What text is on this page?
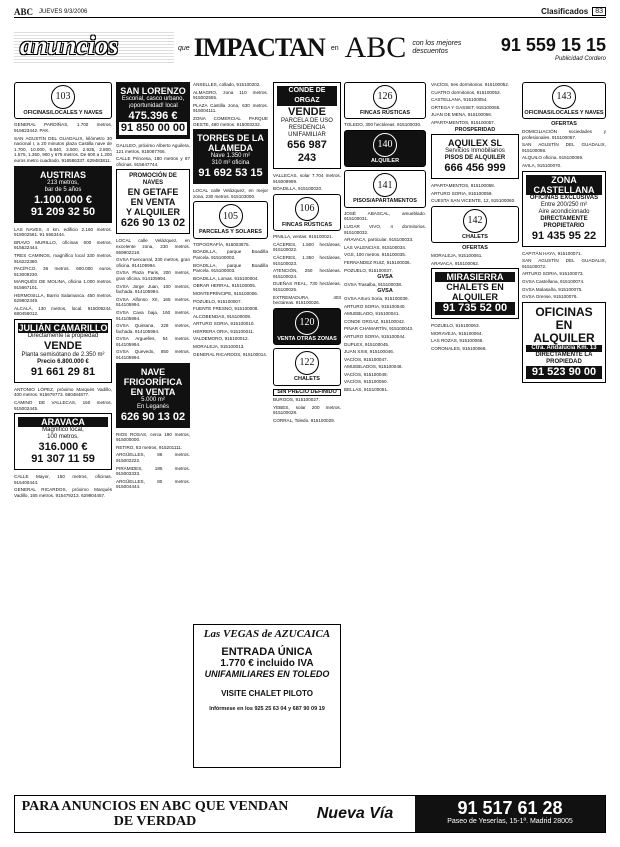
ABC JUEVES 9/3/2006	Clasificados	83
anuncios	que IMPACTAN en ABC con los mejores descuentos	91 559 15 15
Publicidad Cordero
103
OFICINAS/LOCALES Y NAVES
GENERAL PARDIÑAS, 1.700 metros. 915623442. PAK.
SAN AGUSTÍN DEL GUADALIX, kilómetro 30 nacional I, a 20 minutos plaza Castilla nave de 1.700, 10.000, 6.840, 3.500, 2.925, 2.800, 1.575, 1.350, 900 y 675 metros. De 600 a 1.200 euros metro cuadrado. 916586337. 629483811.
AUSTRIAS
213 metros,
bar de 5 años
1.100.000 €
91 209 32 50
LAS NAVES, 4 km. edificio 2.160 metros. 918002561. 91 5563444.
BRAVO MURILLO, oficinas 600 metros. 915622444.
TRES CAMINOS, magnífico local 330 metros. 916222380.
PACÍFICO, 36 metros. 600.000 euros. 913009230.
MARQUÉS DE MOLINA, oficina 1.000 metros. 915667101.
HERMOSILLA, Barrio Salamanca. 450 metros. 629802349.
ALCALÁ, 130 metros, local. 915009244. 680456012.
JULIÁN CAMARILLO
Directamente la propiedad
VENDE
Planta semisótano de 2.350 m²
Precio 6.800.000 €
91 661 29 81
ANTONIO LÓPEZ, próximo Marqués Vadillo, 400 metros. 915679773. 680484877.
CAMINO DE VALLECAS, 150 metros. 915002445.
ARAVACA
Magnífico local,
100 metros.
316.000 €
91 307 11 59
CALLE Mayor, 150 metros, oficinas. 915400444.
GENERAL RICARDOS, próximo Marqués Vadillo, 165 metros. 915479213. 629904457.
SAN LORENZO
Escorial, casco urbano,
¡oportunidad! local
475.396 €
91 850 00 00
GALILEO, próximo Alberto Aguilera, 121 metros, 915087766.
CALLE Princesa, 180 metros y 87 oficinas. 915647744.
PROMOCIÓN DE NAVES
EN GETAFE
EN VENTA
Y ALQUILER
626 90 13 02
LOCAL calle Velázquez, en excelente zona, 230 metros. 659902218.
GVSA Fuencarral, 330 metros, gran oficina. 914105994.
GVSA Plaza Paris, 200 metros, gran oficina. 914105994.
GVSA Jorge Juan, 100 metros, fachada. 914105994.
GVSA Alfonso XII, 165 metros. 914105994.
GVSA Cava baja, 160 metros. 914105994.
GVSA Quintana, 229 metros, fachada. 914105994.
GVSA Arguelles, 54 metros. 914105994.
GVSA Quevedo, 850 metros. 914105994.
NAVE FRIGORÍFICA EN VENTA
5.000 m²
En Leganés
626 90 13 02
RIOS ROSAS, cerca 190 metros, 915000000.
RETIRO, 83 metros, 915201111.
ARGÜELLES, 86 metros. 915002222.
PIRAMIDES, 185 metros. 915003333.
ARGÜELLES, 80 metros. 915004444.
ANSELLES, collado, 915100202.
ALMAGRO, zona 110 metros. 915002555.
PLAZA Castilla zona, 630 metros. 915004111.
ZONA COMERCIAL PARQUE OESTE, 480 metros. 915003232.
TORRES DE LA ALAMEDA
Nave 1.350 m²
310 m² oficina
91 692 53 15
LOCAL calle Velázquez, en mejor zona, 230 metros. 915103000.
105
PARCELAS Y SOLARES
TOPOGRAFÍA, 915003875.
BOADILLA, parque Boadilla Parcela. 915100002.
BOADILLA, parque Boadilla Parcela. 915100003.
BOADILLA, Lomas. 915100004.
OBRAR HERRAL, 915100005.
MONTEPRÍNCIPE, 915100006.
POZUELO, 915100007.
FUENTE FRESNO, 915100008.
ALCOBENDAS, 915100009.
ARTURO SORIA, 915100010.
HERRERA ORIA, 915100011.
VALDEMORO, 915100012.
MORALEJA, 915100013.
GENERAL RICARDOS, 915100014.
CONDE DE ORGAZ
VENDE
PARCELA DE USO RESIDENCIA UNIFAMILIAR
656 987 243
VALLECAS, solar 7.704 metros. 915009999.
BOADILLA, 915100020.
106
FINCAS RÚSTICAS
PINILLA, ventas. 915100021.
CÁCERES, 1.500 hectáreas. 915100022.
CÁCERES, 1.350 hectáreas. 915100023.
ATENCIÓN, 250 hectáreas. 915100024.
DUEÑAS REAL, 730 hectáreas. 915100025.
EXTREMADURA, 403 hectáreas. 915100026.
120
VENTA OTRAS ZONAS
122
CHALETS
SIN PRECIO DEFINIDO
BURGOS, 915100027.
YEBES, solar 200 metros. 915100028.
CORRAL, Toledo. 915100029.
Las VEGAS de AZUCAICA
ENTRADA ÚNICA
1.770 € incluido IVA
UNIFAMILIARES EN TOLEDO
VISITE CHALET PILOTO
Infórmese en los 925 25 63 04 y 687 90 09 19
126
FINCAS RÚSTICAS
TOLEDO, 300 hectáreas. 915100030.
140
ALQUILER
141
PISOS/APARTAMENTOS
JOSÉ ABASCAL, amueblado. 915100031.
LUGAR VIVO, 4 dormitorios. 915100032.
ARAVACA, particular. 915100033.
LAS VALENCIAS, 915100034.
VGS, 100 metros. 915100035.
FERNANDEZ RUIZ, 915100036.
POZUELO, 915100037.
GVSA
GVSA Trasalba, 915100038.
GVSA
GVSA Arturo Soria, 915100039.
ARTURO SORIA, 915100040.
AMUEBLADO, 915100041.
CONDE ORGAZ, 915100042.
PINAR CHAMARTÍN, 915100043.
ARTURO SORIA, 915100044.
DUPLEX, 915100045.
JUAN XXIII, 915100046.
VACÍOS, 915100047.
AMUEBLADOS, 915100048.
VACÍOS, 915100049.
VACÍOS, 915100050.
BELLAS, 915100051.
VACÍOS, tres dormitorios. 915100052.
CUATRO dormitorios, 915100053.
CASTELLANA, 915100054.
ORTEGA Y GASSET, 915100055.
JUAN DE MENA, 915100056.
APARTAMENTOS, 915100057.
PROSPERIDAD
AQUILEX SL
Servicios Inmobiliarios
PISOS DE ALQUILER
666 456 999
APARTAMENTOS, 915100058.
ARTURO SORIA, 915100059.
CUESTA SAN VICENTE, 12, 915100060.
142
CHALETS
OFERTAS
MORALEJA, 915100061.
ARAVACA, 915100062.
MIRASIERRA
CHALETS EN ALQUILER
91 735 52 00
POZUELO, 915100063.
MORAVEJA, 915100064.
LAS ROZAS, 915100065.
CORONALES, 915100066.
143
OFICINAS/LOCALES Y NAVES
OFERTAS
DOMICILIACIÓN sociedades y profesionales. 915100067.
SAN AGUSTÍN DEL GUADALIX, 915100068.
ALQUILO oficina. 915100069.
AVILA, 915100070.
ZONA CASTELLANA
OFICINAS EXCLUSIVAS
Entre 200/250 m²
Aire acondicionado
DIRECTAMENTE PROPIETARIO
91 435 95 22
CAPITÁN HAYA, 915100071.
SAN AGUSTÍN DEL GUADALIX, 915100072.
ARTURO SORIA, 915100073.
GVSA Castellana, 915100074.
GVSA Malasaña, 915100075.
GVSA Orense, 915100076.
OFICINAS EN ALQUILER
Ctra. Andalucía Km. 13
DIRECTAMENTE LA PROPIEDAD
91 523 90 00
PARA ANUNCIOS EN ABC QUE VENDAN DE VERDAD	Nueva Vía	91 517 61 28
Paseo de Yeserías, 15-1ª. Madrid 28005
